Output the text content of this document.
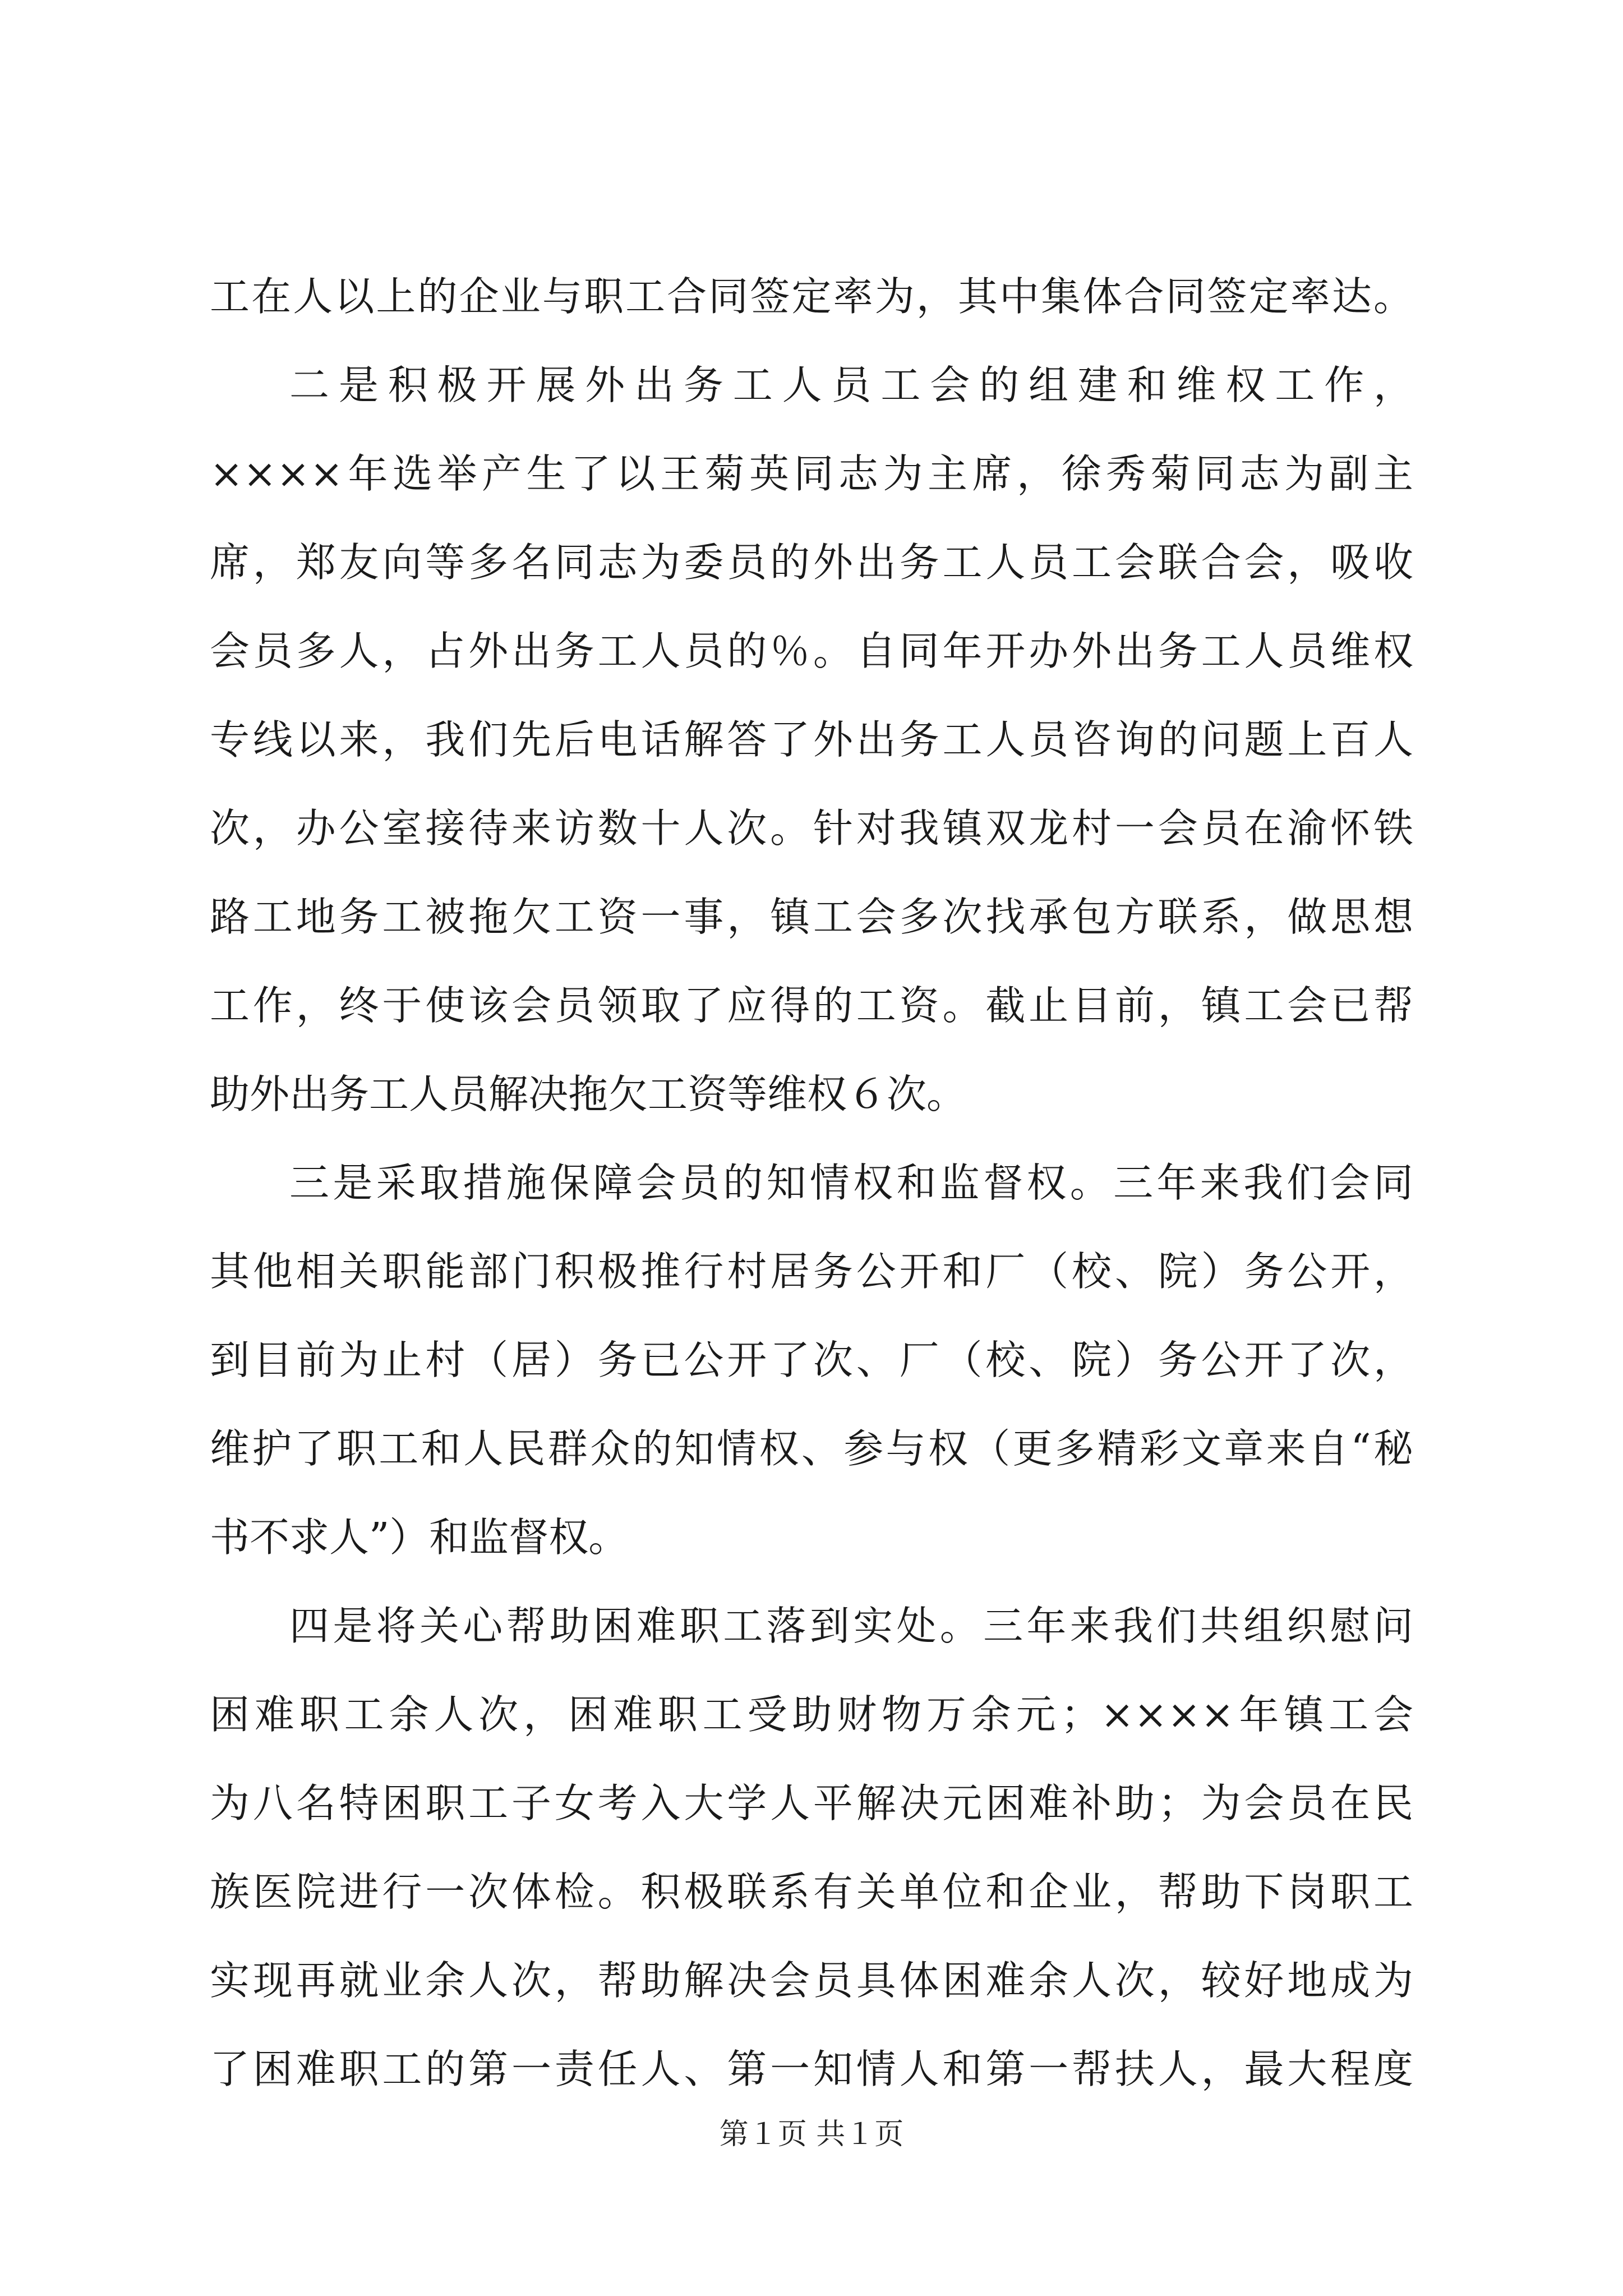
工在人以上的企业与职工合同签定率为，其中集体合同签定率达。
二是积极开展外出务工人员工会的组建和维权工作，
××××年选举产生了以王菊英同志为主席，徐秀菊同志为副主
席，郑友向等多名同志为委员的外出务工人员工会联合会，吸收
会员多人，占外出务工人员的％。自同年开办外出务工人员维权
专线以来，我们先后电话解答了外出务工人员咨询的问题上百人
次，办公室接待来访数十人次。针对我镇双龙村一会员在渝怀铁
路工地务工被拖欠工资一事，镇工会多次找承包方联系，做思想
工作，终于使该会员领取了应得的工资。截止目前，镇工会已帮
助外出务工人员解决拖欠工资等维权６次。
三是采取措施保障会员的知情权和监督权。三年来我们会同
其他相关职能部门积极推行村居务公开和厂（校、院）务公开，
到目前为止村（居）务已公开了次、厂（校、院）务公开了次，
维护了职工和人民群众的知情权、参与权（更多精彩文章来自“秘
书不求人”）和监督权。
四是将关心帮助困难职工落到实处。三年来我们共组织慰问
困难职工余人次，困难职工受助财物万余元；××××年镇工会
为八名特困职工子女考入大学人平解决元困难补助；为会员在民
族医院进行一次体检。积极联系有关单位和企业，帮助下岗职工
实现再就业余人次，帮助解决会员具体困难余人次，较好地成为
了困难职工的第一责任人、第一知情人和第一帮扶人，最大程度
第１页 共１页
